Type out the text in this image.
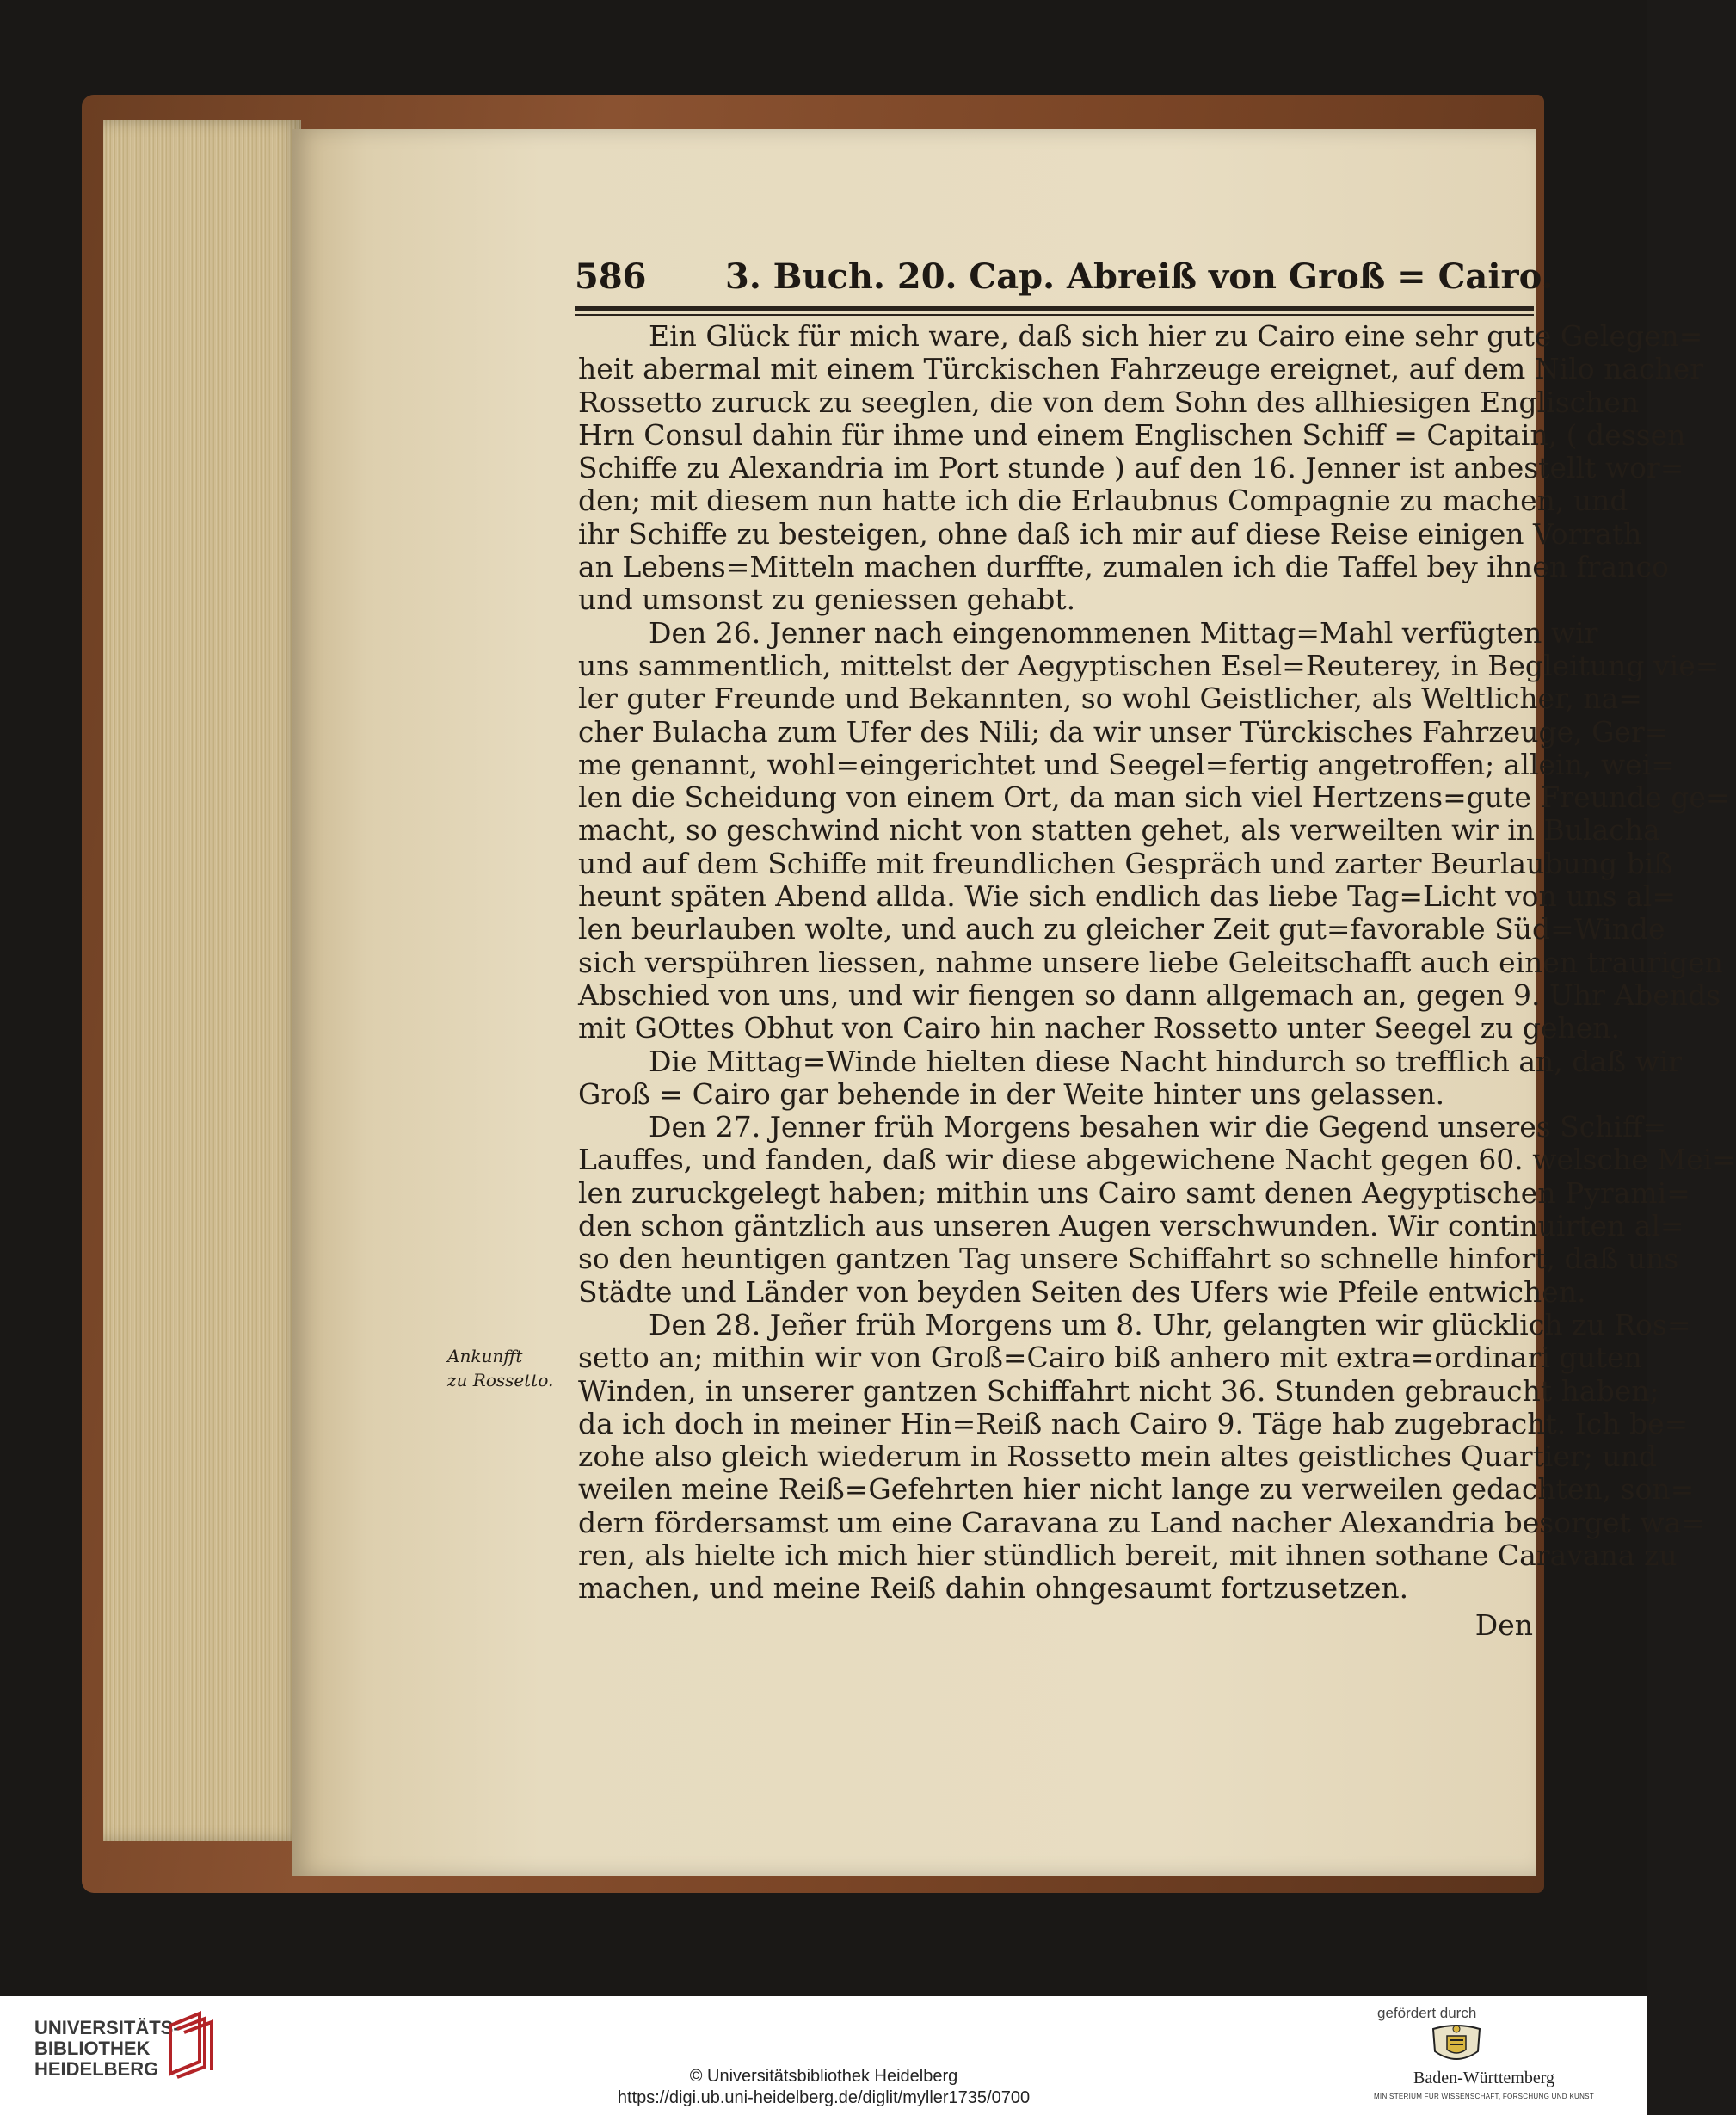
586 3. Buch. 20. Cap. Abreiß von Groß = Cairo.
Ein Glück für mich ware, daß sich hier zu Cairo eine sehr gute Gelegen=
heit abermal mit einem Türckischen Fahrzeuge ereignet, auf dem Nilo nacher
Rossetto zuruck zu seeglen, die von dem Sohn des allhiesigen Englischen
Hrn Consul dahin für ihme und einem Englischen Schiff = Capitain, ( dessen
Schiffe zu Alexandria im Port stunde ) auf den 16. Jenner ist anbestellt wor=
den; mit diesem nun hatte ich die Erlaubnus Compagnie zu machen, und
ihr Schiffe zu besteigen, ohne daß ich mir auf diese Reise einigen Vorrath
an Lebens=Mitteln machen durffte, zumalen ich die Taffel bey ihnen franco
und umsonst zu geniessen gehabt.
Den 26. Jenner nach eingenommenen Mittag=Mahl verfügten wir
uns sammentlich, mittelst der Aegyptischen Esel=Reuterey, in Begleitung vie=
ler guter Freunde und Bekannten, so wohl Geistlicher, als Weltlicher, na=
cher Bulacha zum Ufer des Nili; da wir unser Türckisches Fahrzeuge, Ger=
me genannt, wohl=eingerichtet und Seegel=fertig angetroffen; allein, wei=
len die Scheidung von einem Ort, da man sich viel Hertzens=gute Freunde ge=
macht, so geschwind nicht von statten gehet, als verweilten wir in Bulacha
und auf dem Schiffe mit freundlichen Gespräch und zarter Beurlaubung biß
heunt späten Abend allda. Wie sich endlich das liebe Tag=Licht von uns al=
len beurlauben wolte, und auch zu gleicher Zeit gut=favorable Süd=Winde
sich verspühren liessen, nahme unsere liebe Geleitschafft auch einen traurigen
Abschied von uns, und wir fiengen so dann allgemach an, gegen 9. Uhr Abends
mit GOttes Obhut von Cairo hin nacher Rossetto unter Seegel zu gehen.
Die Mittag=Winde hielten diese Nacht hindurch so trefflich an, daß wir
Groß = Cairo gar behende in der Weite hinter uns gelassen.
Den 27. Jenner früh Morgens besahen wir die Gegend unseres Schiff=
Lauffes, und fanden, daß wir diese abgewichene Nacht gegen 60. welsche Mei=
len zuruckgelegt haben; mithin uns Cairo samt denen Aegyptischen Pyrami=
den schon gäntzlich aus unseren Augen verschwunden. Wir continuirten al=
so den heuntigen gantzen Tag unsere Schiffahrt so schnelle hinfort, daß uns
Städte und Länder von beyden Seiten des Ufers wie Pfeile entwichen.
Den 28. Jeñer früh Morgens um 8. Uhr, gelangten wir glücklich zu Ros=
setto an; mithin wir von Groß=Cairo biß anhero mit extra=ordinari guten
Winden, in unserer gantzen Schiffahrt nicht 36. Stunden gebraucht haben;
da ich doch in meiner Hin=Reiß nach Cairo 9. Täge hab zugebracht. Ich be=
zohe also gleich wiederum in Rossetto mein altes geistliches Quartier; und
weilen meine Reiß=Gefehrten hier nicht lange zu verweilen gedachten, son=
dern fördersamst um eine Caravana zu Land nacher Alexandria besorget wa=
ren, als hielte ich mich hier stündlich bereit, mit ihnen sothane Caravana zu
machen, und meine Reiß dahin ohngesaumt fortzusetzen.
Den
Ankunfft
zu Rossetto.
UNIVERSITÄTS-
BIBLIOTHEK
HEIDELBERG	© Universitätsbibliothek Heidelberg
https://digi.ub.uni-heidelberg.de/diglit/myller1735/0700
gefördert durch
Baden-Württemberg
MINISTERIUM FÜR WISSENSCHAFT, FORSCHUNG UND KUNST
